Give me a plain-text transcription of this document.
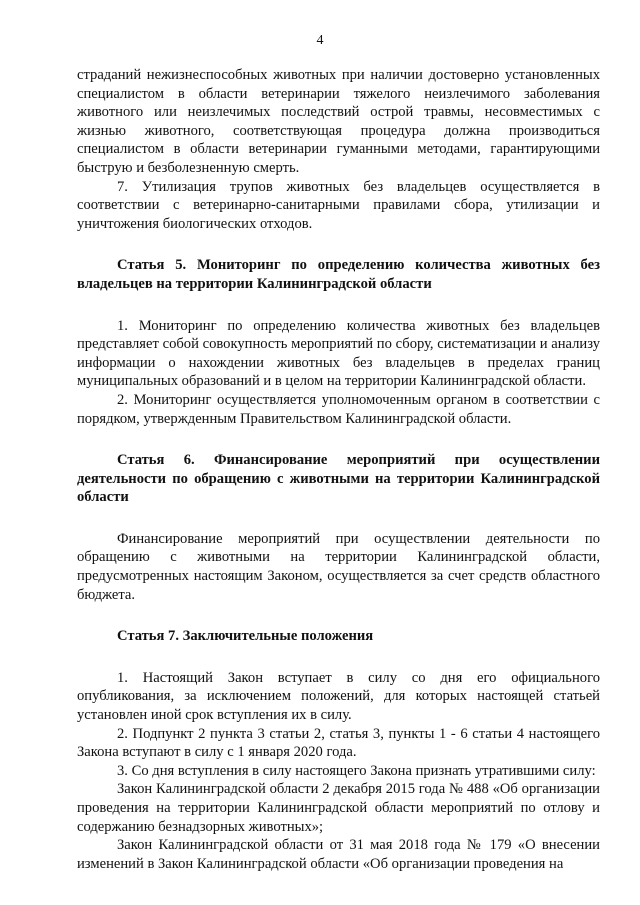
4

страданий нежизнеспособных животных при наличии достоверно установленных специалистом в области ветеринарии тяжелого неизлечимого заболевания животного или неизлечимых последствий острой травмы, несовместимых с жизнью животного, соответствующая процедура должна производиться специалистом в области ветеринарии гуманными методами, гарантирующими быструю и безболезненную смерть.

7. Утилизация трупов животных без владельцев осуществляется в соответствии с ветеринарно-санитарными правилами сбора, утилизации и уничтожения биологических отходов.

Статья 5. Мониторинг по определению количества животных без владельцев на территории Калининградской области

1. Мониторинг по определению количества животных без владельцев представляет собой совокупность мероприятий по сбору, систематизации и анализу информации о нахождении животных без владельцев в пределах границ муниципальных образований и в целом на территории Калининградской области.

2. Мониторинг осуществляется уполномоченным органом в соответствии с порядком, утвержденным Правительством Калининградской области.

Статья 6. Финансирование мероприятий при осуществлении деятельности по обращению с животными на территории Калининградской области

Финансирование мероприятий при осуществлении деятельности по обращению с животными на территории Калининградской области, предусмотренных настоящим Законом, осуществляется за счет средств областного бюджета.

Статья 7. Заключительные положения

1. Настоящий Закон вступает в силу со дня его официального опубликования, за исключением положений, для которых настоящей статьей установлен иной срок вступления их в силу.

2. Подпункт 2 пункта 3 статьи 2, статья 3, пункты 1 - 6 статьи 4 настоящего Закона вступают в силу с 1 января 2020 года.

3. Со дня вступления в силу настоящего Закона признать утратившими силу:

Закон Калининградской области 2 декабря 2015 года № 488 «Об организации проведения на территории Калининградской области мероприятий по отлову и содержанию безнадзорных животных»;

Закон Калининградской области от 31 мая 2018 года № 179 «О внесении изменений в Закон Калининградской области «Об организации проведения на
